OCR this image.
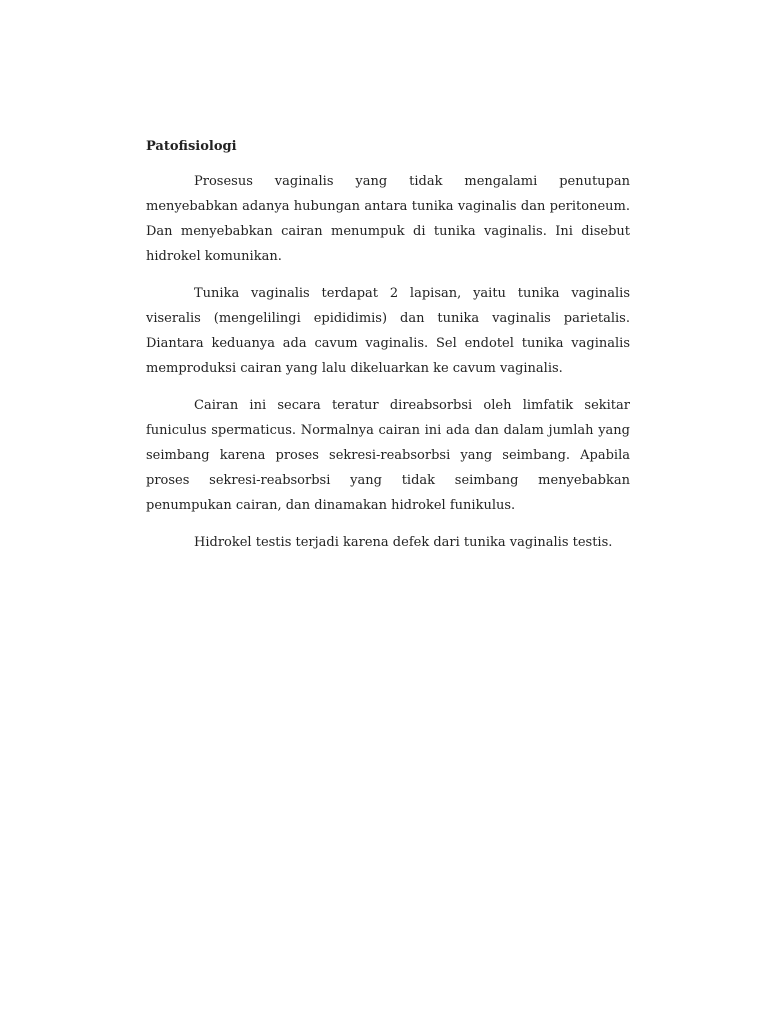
Patofisiologi

Prosesus vaginalis yang tidak mengalami penutupan menyebabkan adanya hubungan antara tunika vaginalis dan peritoneum. Dan menyebabkan cairan menumpuk di tunika vaginalis. Ini disebut hidrokel komunikan.

Tunika vaginalis terdapat 2 lapisan, yaitu tunika vaginalis viseralis (mengelilingi epididimis) dan tunika vaginalis parietalis. Diantara keduanya ada cavum vaginalis. Sel endotel tunika vaginalis memproduksi cairan yang lalu dikeluarkan ke cavum vaginalis.

Cairan ini secara teratur direabsorbsi oleh limfatik sekitar funiculus spermaticus. Normalnya cairan ini ada dan dalam jumlah yang seimbang karena proses sekresi-reabsorbsi yang seimbang. Apabila proses sekresi-reabsorbsi yang tidak seimbang menyebabkan penumpukan cairan, dan dinamakan hidrokel funikulus.

Hidrokel testis terjadi karena defek dari tunika vaginalis testis.
